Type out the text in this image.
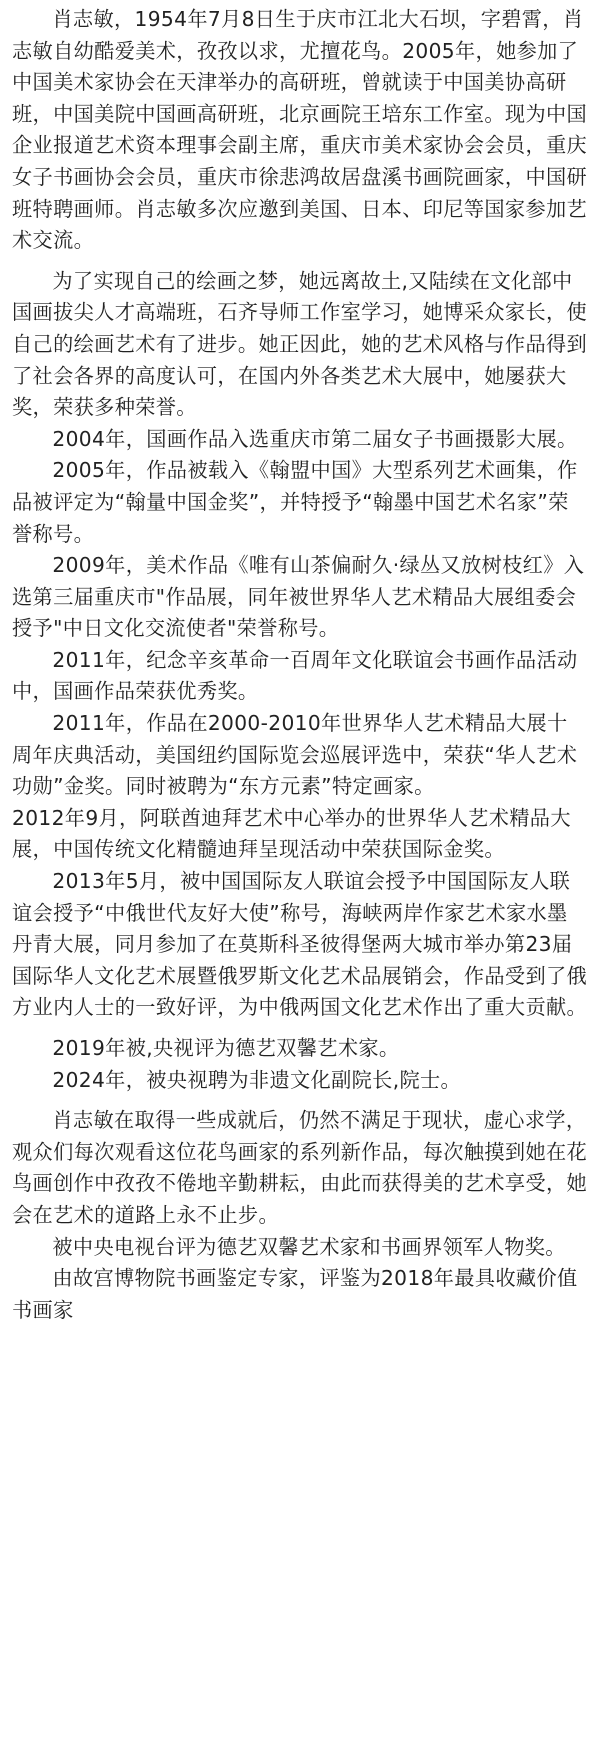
肖志敏，1954年7月8日生于庆市江北大石坝，字碧霄，肖志敏自幼酷爱美术，孜孜以求，尤擅花鸟。2005年，她参加了中国美术家协会在天津举办的高研班，曾就读于中国美协高研班，中国美院中国画高研班，北京画院王培东工作室。现为中国企业报道艺术资本理事会副主席，重庆市美术家协会会员，重庆女子书画协会会员，重庆市徐悲鸿故居盘溪书画院画家，中国研班特聘画师。肖志敏多次应邀到美国、日本、印尼等国家参加艺术交流。

为了实现自己的绘画之梦，她远离故土,又陆续在文化部中国画拔尖人才高端班，石齐导师工作室学习，她博采众家长，使自己的绘画艺术有了进步。她正因此，她的艺术风格与作品得到了社会各界的高度认可，在国内外各类艺术大展中，她屡获大奖，荣获多种荣誉。

2004年，国画作品入选重庆市第二届女子书画摄影大展。

2005年，作品被载入《翰盟中国》大型系列艺术画集，作品被评定为“翰量中国金奖”，并特授予“翰墨中国艺术名家”荣誉称号。

2009年，美术作品《唯有山茶偏耐久·绿丛又放树枝红》入选第三届重庆市"作品展，同年被世界华人艺术精品大展组委会授予"中日文化交流使者"荣誉称号。

2011年，纪念辛亥革命一百周年文化联谊会书画作品活动中，国画作品荣获优秀奖。

2011年，作品在2000-2010年世界华人艺术精品大展十周年庆典活动，美国纽约国际览会巡展评选中，荣获“华人艺术功勋”金奖。同时被聘为“东方元素”特定画家。

2012年9月，阿联酋迪拜艺术中心举办的世界华人艺术精品大展，中国传统文化精髓迪拜呈现活动中荣获国际金奖。

2013年5月，被中国国际友人联谊会授予中国国际友人联谊会授予“中俄世代友好大使”称号，海峡两岸作家艺术家水墨丹青大展，同月参加了在莫斯科圣彼得堡两大城市举办第23届国际华人文化艺术展暨俄罗斯文化艺术品展销会，作品受到了俄方业内人士的一致好评，为中俄两国文化艺术作出了重大贡献。

2019年被,央视评为德艺双馨艺术家。

2024年，被央视聘为非遗文化副院长,院士。

肖志敏在取得一些成就后，仍然不满足于现状，虚心求学，观众们每次观看这位花鸟画家的系列新作品，每次触摸到她在花鸟画创作中孜孜不倦地辛勤耕耘，由此而获得美的艺术享受，她会在艺术的道路上永不止步。

被中央电视台评为德艺双馨艺术家和书画界领军人物奖。

由故宫博物院书画鉴定专家，评鉴为2018年最具收藏价值书画家
